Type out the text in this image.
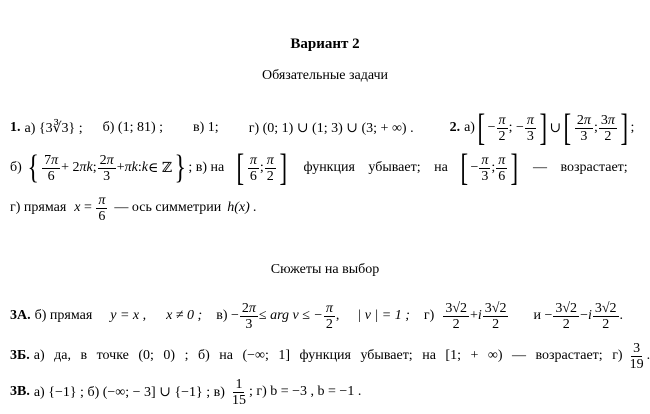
Вариант 2
Обязательные задачи
1. а) {3∛3} ; б) (1; 81) ; в) 1; г) (0; 1) ∪ (1; 3) ∪ (3; + ∞) .	2. а) [ − $\frac{\pi}{2}$ ; − $\frac{\pi}{3}$ ] ∪ [ $\frac{2\pi}{3}$ ; $\frac{3\pi}{2}$ ] ;
б) { $\frac{7\pi}{6} + 2$ πk ; $\frac{2\pi}{3} + \pi k$ : k ∈ ℤ } ; в) на [ $\frac{\pi}{6}$ ; $\frac{\pi}{2}$ ] функция убывает; на [ − $\frac{\pi}{3}$ ; $\frac{\pi}{6}$ ] — возрастает;
г) прямая $x = \frac{\pi}{6}$ — ось симметрии h(x) .
Сюжеты на выбор
3А. б) прямая y = x , x ≠ 0 ; $в) - \frac{2\pi}{3}$ ≤ arg v ≤ − $\frac{\pi}{2}$ , | v | = 1 ; $г) \frac{3√2}{2} + i \frac{3√2}{2}$ $и - \frac{3√2}{2} - i \frac{3√2}{2}$ .
3Б. а) да, в точке (0; 0) ; б) на (−∞; 1] функция убывает; на [1; + ∞) — возрастает; $г) \frac{3}{19}$ .
3В. а) {−1} ; б) (−∞; − 3] ∪ {−1} ; $в) \frac{1}{15}$ ; г) b = −3 , b = −1 .
